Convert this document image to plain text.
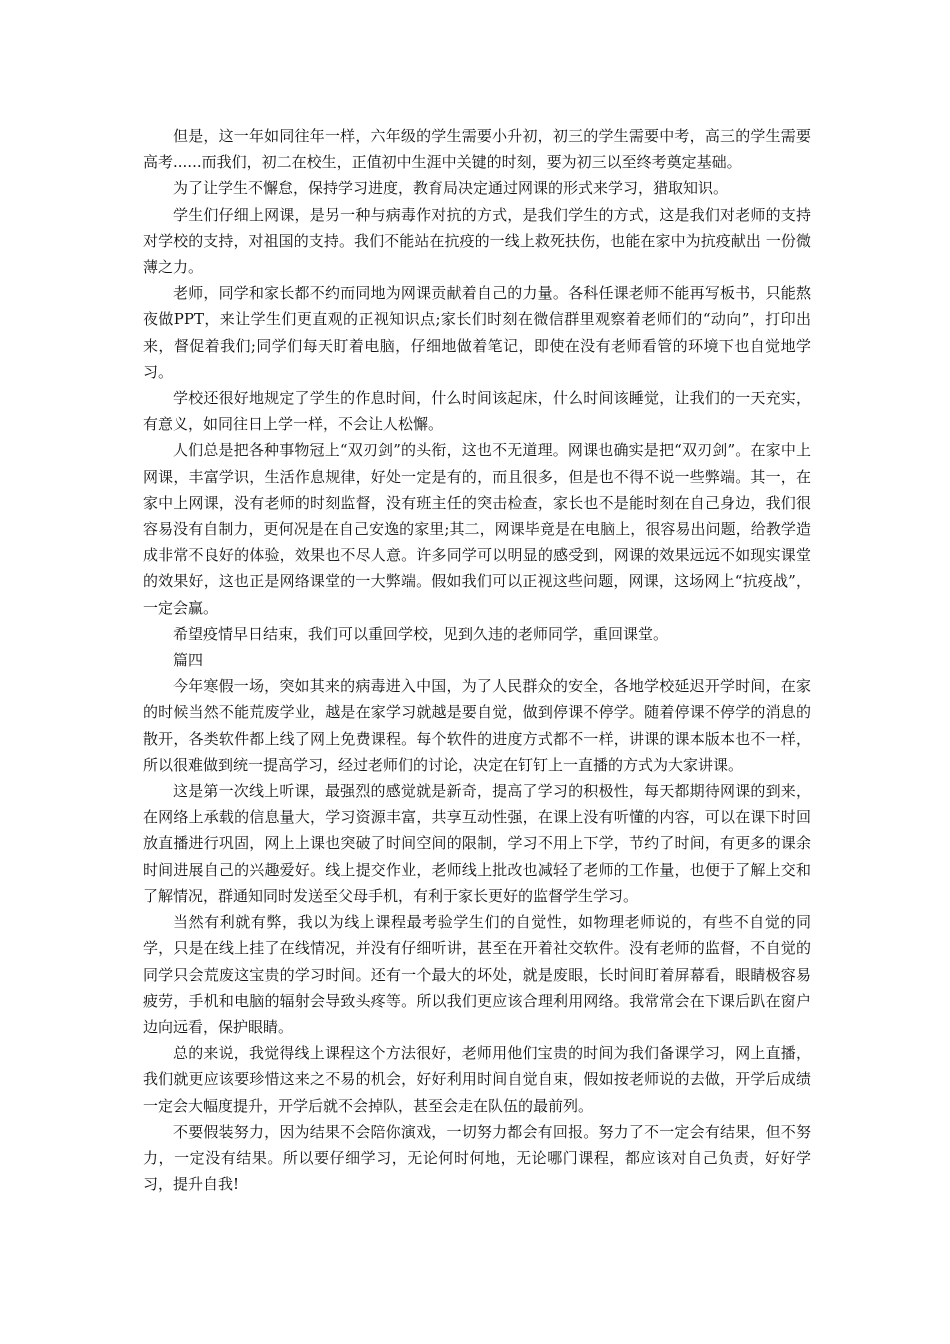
但是，这一年如同往年一样，六年级的学生需要小升初，初三的学生需要中考，高三的学生需要高考......而我们，初二在校生，正值初中生涯中关键的时刻，要为初三以至终考奠定基础。

为了让学生不懈怠，保持学习进度，教育局决定通过网课的形式来学习，猎取知识。

学生们仔细上网课，是另一种与病毒作对抗的方式，是我们学生的方式，这是我们对老师的支持对学校的支持，对祖国的支持。我们不能站在抗疫的一线上救死扶伤，也能在家中为抗疫献出 一份微薄之力。

老师，同学和家长都不约而同地为网课贡献着自己的力量。各科任课老师不能再写板书，只能熬夜做PPT，来让学生们更直观的正视知识点;家长们时刻在微信群里观察着老师们的“动向”，打印出来，督促着我们;同学们每天盯着电脑，仔细地做着笔记，即使在没有老师看管的环境下也自觉地学习。

学校还很好地规定了学生的作息时间，什么时间该起床，什么时间该睡觉，让我们的一天充实，有意义，如同往日上学一样，不会让人松懈。

人们总是把各种事物冠上“双刃剑”的头衔，这也不无道理。网课也确实是把“双刃剑”。在家中上网课，丰富学识，生活作息规律，好处一定是有的，而且很多，但是也不得不说一些弊端。其一，在家中上网课，没有老师的时刻监督，没有班主任的突击检查，家长也不是能时刻在自己身边，我们很容易没有自制力，更何况是在自己安逸的家里;其二，网课毕竟是在电脑上，很容易出问题，给教学造成非常不良好的体验，效果也不尽人意。许多同学可以明显的感受到，网课的效果远远不如现实课堂的效果好，这也正是网络课堂的一大弊端。假如我们可以正视这些问题，网课，这场网上“抗疫战”，一定会赢。

希望疫情早日结束，我们可以重回学校，见到久违的老师同学，重回课堂。

篇四

今年寒假一场，突如其来的病毒进入中国，为了人民群众的安全，各地学校延迟开学时间，在家的时候当然不能荒废学业，越是在家学习就越是要自觉，做到停课不停学。随着停课不停学的消息的散开，各类软件都上线了网上免费课程。每个软件的进度方式都不一样，讲课的课本版本也不一样，所以很难做到统一提高学习，经过老师们的讨论，决定在钉钉上一直播的方式为大家讲课。

这是第一次线上听课，最强烈的感觉就是新奇，提高了学习的积极性，每天都期待网课的到来，在网络上承载的信息量大，学习资源丰富，共享互动性强，在课上没有听懂的内容，可以在课下时回放直播进行巩固，网上上课也突破了时间空间的限制，学习不用上下学，节约了时间，有更多的课余时间进展自己的兴趣爱好。线上提交作业，老师线上批改也减轻了老师的工作量，也便于了解上交和了解情况，群通知同时发送至父母手机，有利于家长更好的监督学生学习。

当然有利就有弊，我以为线上课程最考验学生们的自觉性，如物理老师说的，有些不自觉的同学，只是在线上挂了在线情况，并没有仔细听讲，甚至在开着社交软件。没有老师的监督，不自觉的同学只会荒废这宝贵的学习时间。还有一个最大的坏处，就是废眼，长时间盯着屏幕看，眼睛极容易疲劳，手机和电脑的辐射会导致头疼等。所以我们更应该合理利用网络。我常常会在下课后趴在窗户边向远看，保护眼睛。

总的来说，我觉得线上课程这个方法很好，老师用他们宝贵的时间为我们备课学习，网上直播，我们就更应该要珍惜这来之不易的机会，好好利用时间自觉自束，假如按老师说的去做，开学后成绩一定会大幅度提升，开学后就不会掉队，甚至会走在队伍的最前列。

不要假装努力，因为结果不会陪你演戏，一切努力都会有回报。努力了不一定会有结果，但不努力，一定没有结果。所以要仔细学习，无论何时何地，无论哪门课程，都应该对自己负责，好好学习，提升自我!
